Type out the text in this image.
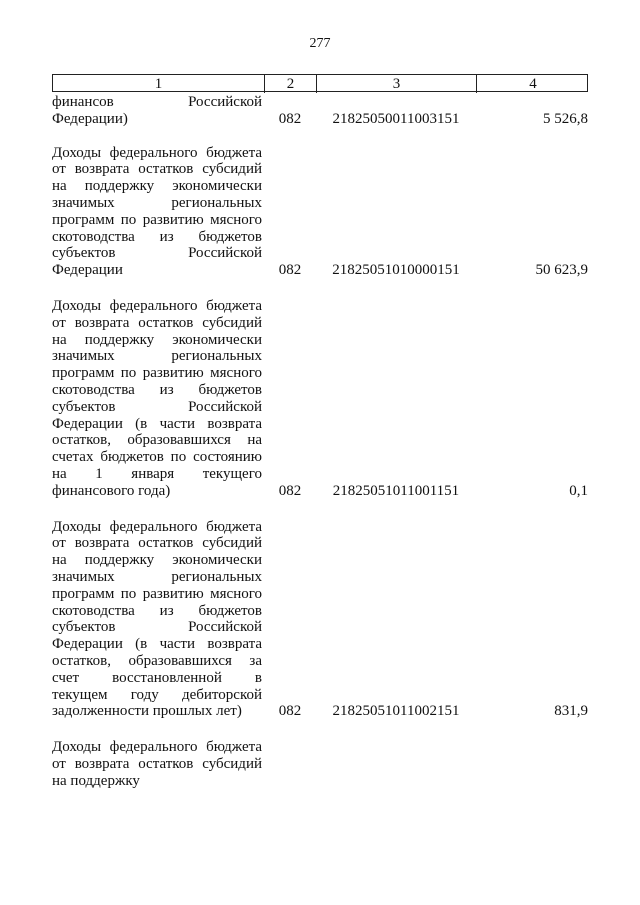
277
1	2	3	4
финансов Российской Федерации)	082	21825050011003151	5 526,8
Доходы федерального бюджета от возврата остатков субсидий на поддержку экономически значимых региональных программ по развитию мясного скотоводства из бюджетов субъектов Российской Федерации	082	21825051010000151	50 623,9
Доходы федерального бюджета от возврата остатков субсидий на поддержку экономически значимых региональных программ по развитию мясного скотоводства из бюджетов субъектов Российской Федерации (в части возврата остатков, образовавшихся на счетах бюджетов по состоянию на 1 января текущего финансового года)	082	21825051011001151	0,1
Доходы федерального бюджета от возврата остатков субсидий на поддержку экономически значимых региональных программ по развитию мясного скотоводства из бюджетов субъектов Российской Федерации (в части возврата остатков, образовавшихся за счет восстановленной в текущем году дебиторской задолженности прошлых лет)	082	21825051011002151	831,9
Доходы федерального бюджета от возврата остатков субсидий на поддержку
